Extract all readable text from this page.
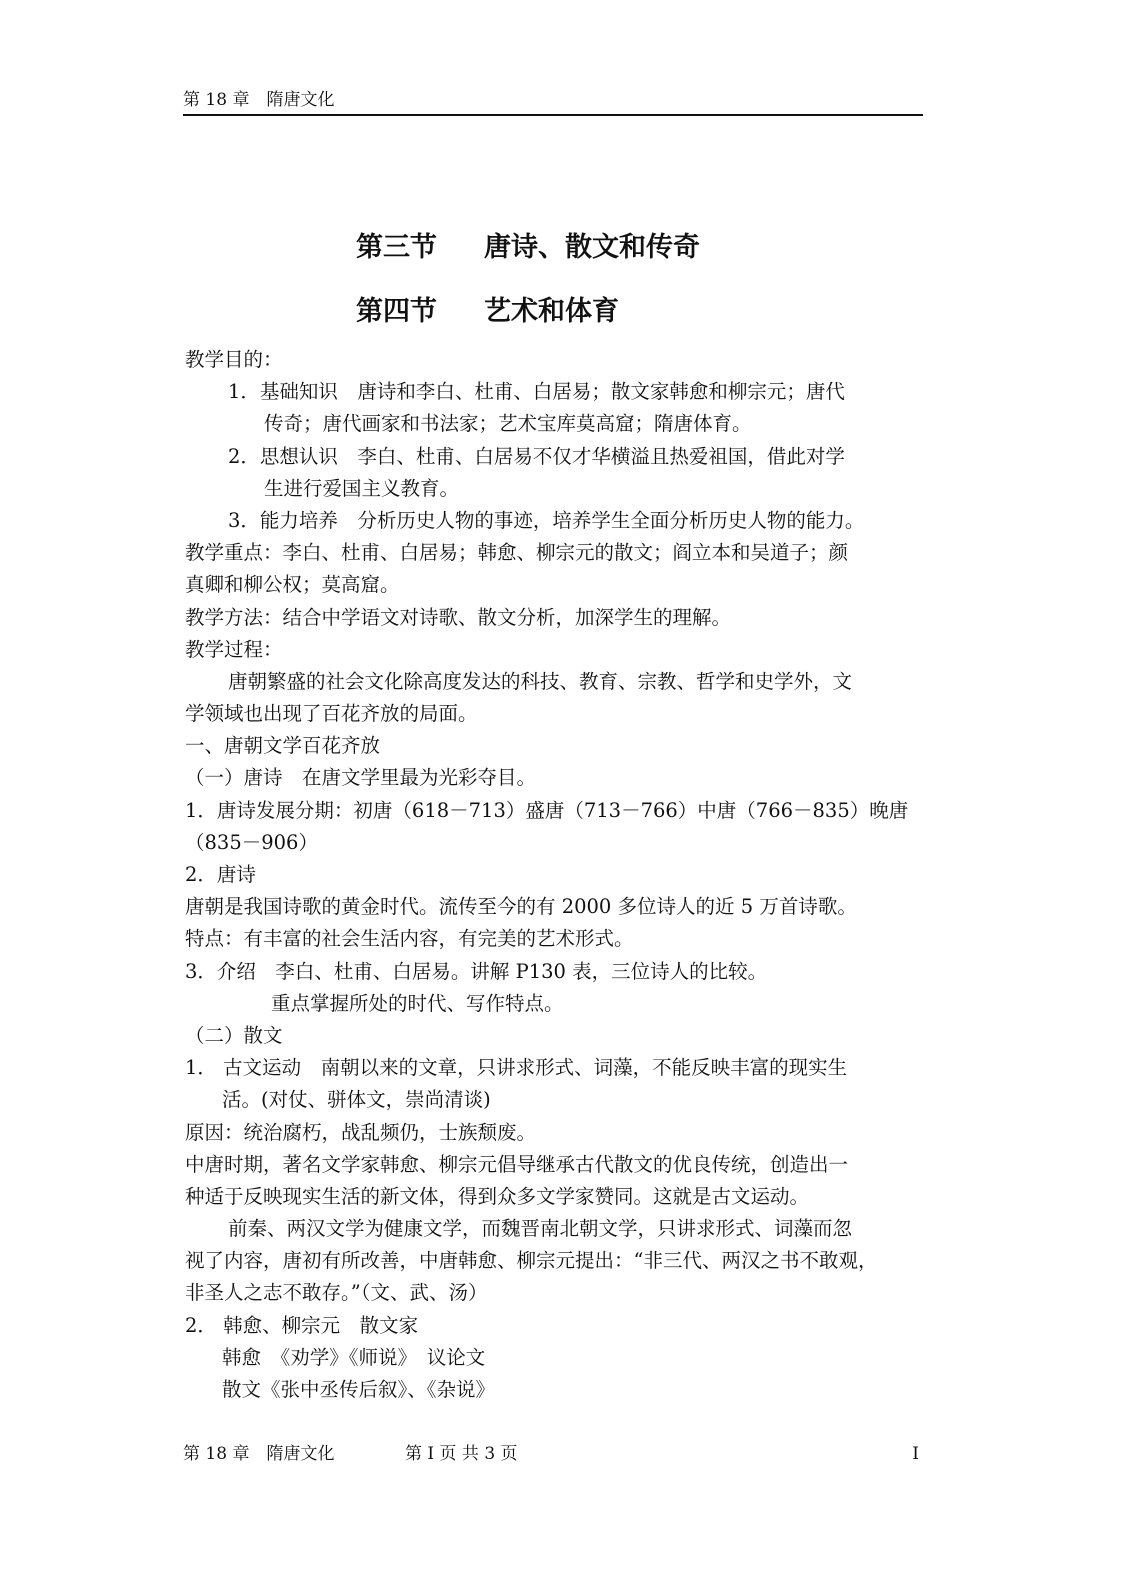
第 18 章　隋唐文化
第三节 唐诗、散文和传奇
第四节 艺术和体育
教学目的：
1．基础知识　唐诗和李白、杜甫、白居易；散文家韩愈和柳宗元；唐代
传奇；唐代画家和书法家；艺术宝库莫高窟；隋唐体育。
2．思想认识　李白、杜甫、白居易不仅才华横溢且热爱祖国，借此对学
生进行爱国主义教育。
3．能力培养　分析历史人物的事迹，培养学生全面分析历史人物的能力。
教学重点：李白、杜甫、白居易；韩愈、柳宗元的散文；阎立本和吴道子；颜
真卿和柳公权；莫高窟。
教学方法：结合中学语文对诗歌、散文分析，加深学生的理解。
教学过程：
唐朝繁盛的社会文化除高度发达的科技、教育、宗教、哲学和史学外，文
学领域也出现了百花齐放的局面。
一、唐朝文学百花齐放
（一）唐诗　在唐文学里最为光彩夺目。
1．唐诗发展分期：初唐（618－713）盛唐（713－766）中唐（766－835）晚唐
（835－906）
2．唐诗
唐朝是我国诗歌的黄金时代。流传至今的有 2000 多位诗人的近 5 万首诗歌。
特点：有丰富的社会生活内容，有完美的艺术形式。
3．介绍　李白、杜甫、白居易。讲解 P130 表，三位诗人的比较。
重点掌握所处的时代、写作特点。
（二）散文
1． 古文运动　南朝以来的文章，只讲求形式、词藻，不能反映丰富的现实生
活。(对仗、骈体文，崇尚清谈)
原因：统治腐朽，战乱频仍，士族颓废。
中唐时期，著名文学家韩愈、柳宗元倡导继承古代散文的优良传统，创造出一
种适于反映现实生活的新文体，得到众多文学家赞同。这就是古文运动。
前秦、两汉文学为健康文学，而魏晋南北朝文学，只讲求形式、词藻而忽
视了内容，唐初有所改善，中唐韩愈、柳宗元提出：“非三代、两汉之书不敢观，
非圣人之志不敢存。”（文、武、汤）
2． 韩愈、柳宗元　散文家
韩愈　《劝学》《师说》　议论文
散文《张中丞传后叙》、《杂说》
第 18 章　隋唐文化	第 I 页 共 3 页	I
